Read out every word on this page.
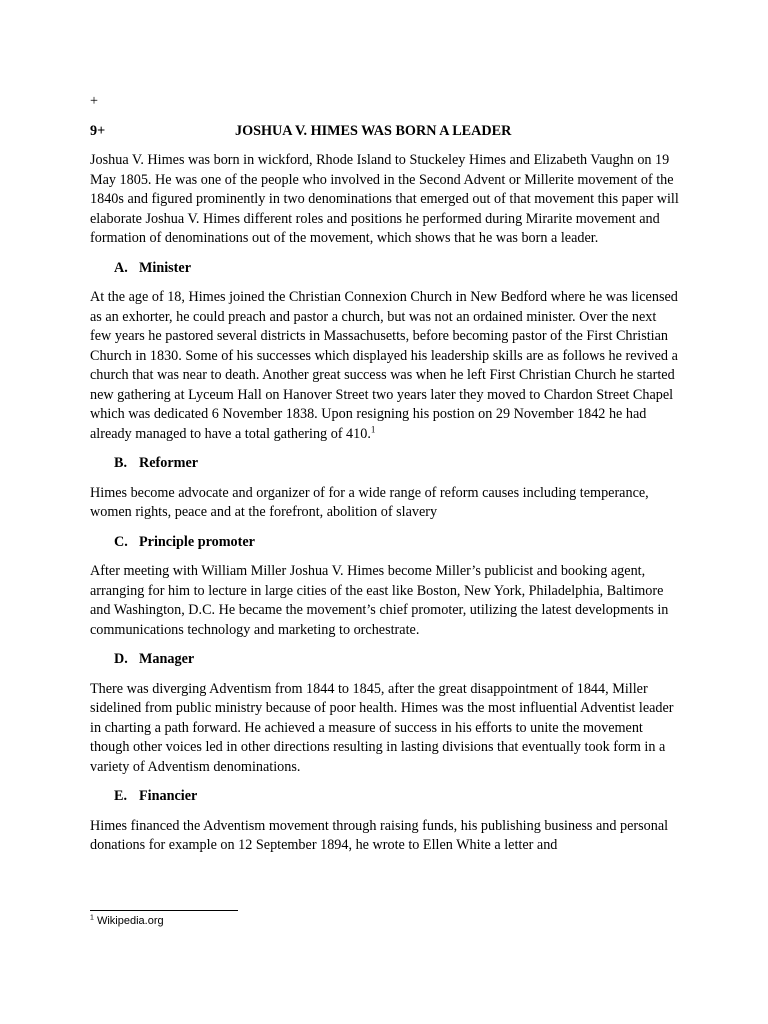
+
9+	JOSHUA V. HIMES WAS BORN A LEADER

Joshua V. Himes was born in wickford, Rhode Island to Stuckeley Himes and Elizabeth Vaughn on 19 May 1805. He was one of the people who involved in the Second Advent or Millerite movement of the 1840s and figured prominently in two denominations that emerged out of that movement this paper will elaborate Joshua V. Himes different roles and positions he performed during Mirarite movement and formation of denominations out of the movement, which shows that he was born a leader.

A. Minister

At the age of 18, Himes joined the Christian Connexion Church in New Bedford where he was licensed as an exhorter, he could preach and pastor a church, but was not an ordained minister. Over the next few years he pastored several districts in Massachusetts, before becoming pastor of the First Christian Church in 1830. Some of his successes which displayed his leadership skills are as follows he revived a church that was near to death. Another great success was when he left First Christian Church he started new gathering at Lyceum Hall on Hanover Street two years later they moved to Chardon Street Chapel which was dedicated 6 November 1838. Upon resigning his postion on 29 November 1842 he had already managed to have a total gathering of 410.$^1$

B. Reformer

Himes become advocate and organizer of for a wide range of reform causes including temperance, women rights, peace and at the forefront, abolition of slavery

C. Principle promoter

After meeting with William Miller Joshua V. Himes become Miller’s publicist and booking agent, arranging for him to lecture in large cities of the east like Boston, New York, Philadelphia, Baltimore and Washington, D.C. He became the movement’s chief promoter, utilizing the latest developments in communications technology and marketing to orchestrate.

D. Manager

There was diverging Adventism from 1844 to 1845, after the great disappointment of 1844, Miller sidelined from public ministry because of poor health. Himes was the most influential Adventist leader in charting a path forward. He achieved a measure of success in his efforts to unite the movement though other voices led in other directions resulting in lasting divisions that eventually took form in a variety of Adventism denominations.

E. Financier

Himes financed the Adventism movement through raising funds, his publishing business and personal donations for example on 12 September 1894, he wrote to Ellen White a letter and

$^1$ Wikipedia.org
